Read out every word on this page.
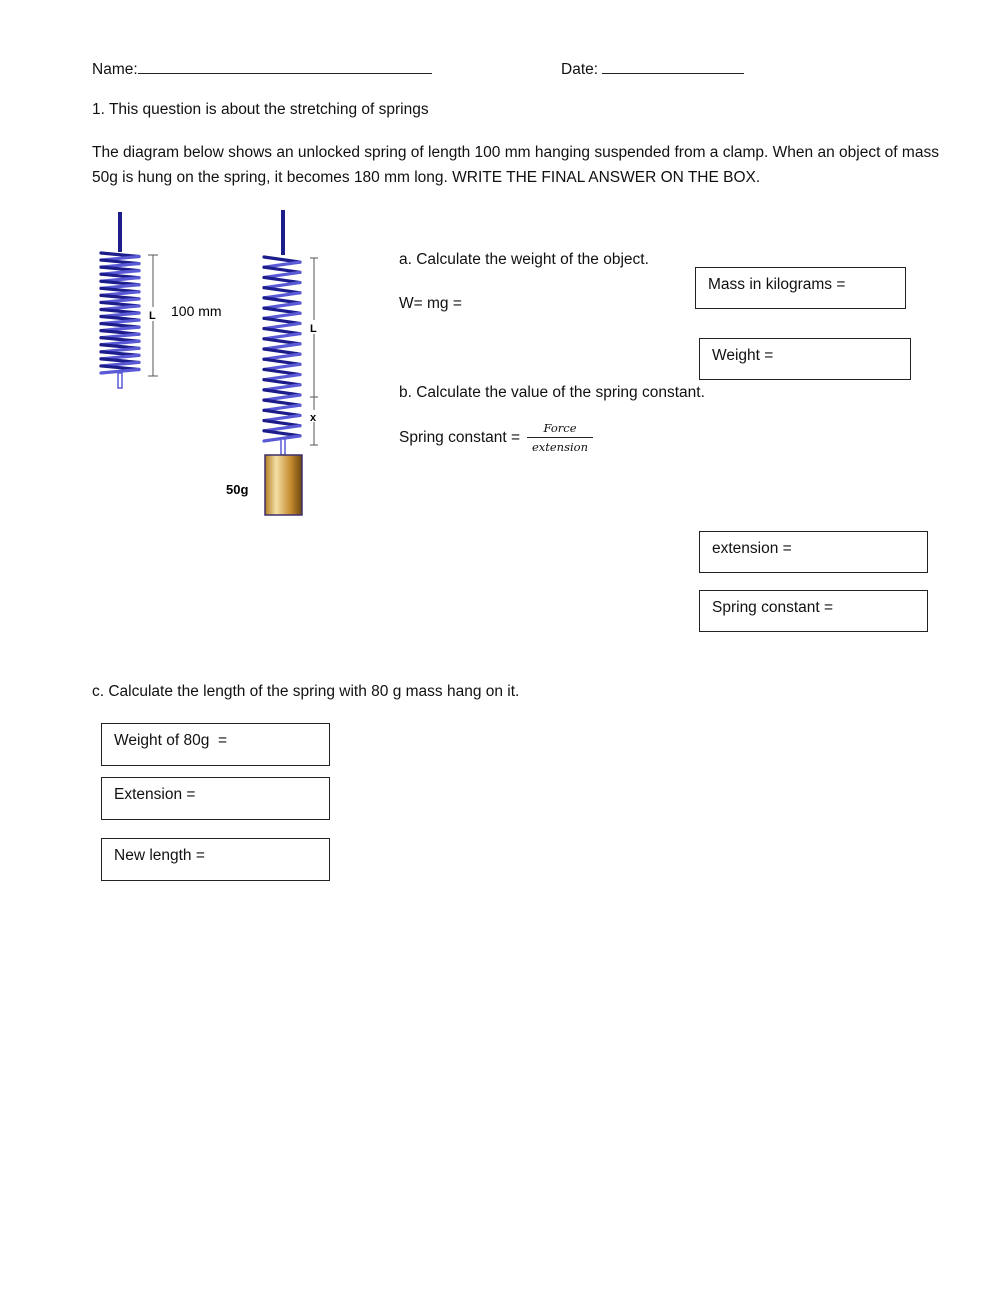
Name:	Date:
1. This question is about the stretching of springs
The diagram below shows an unlocked spring of length 100 mm hanging suspended from a clamp. When an object of mass 50g is hung on the spring, it becomes 180 mm long. WRITE THE FINAL ANSWER ON THE BOX.
L 100 mm
L
x
50g
a. Calculate the weight of the object.
W= mg =
Mass in kilograms =
Weight =
b. Calculate the value of the spring constant.
Spring constant =
Force
extension
extension =
Spring constant =
c. Calculate the length of the spring with 80 g mass hang on it.
Weight of 80g  =
Extension =
New length =
